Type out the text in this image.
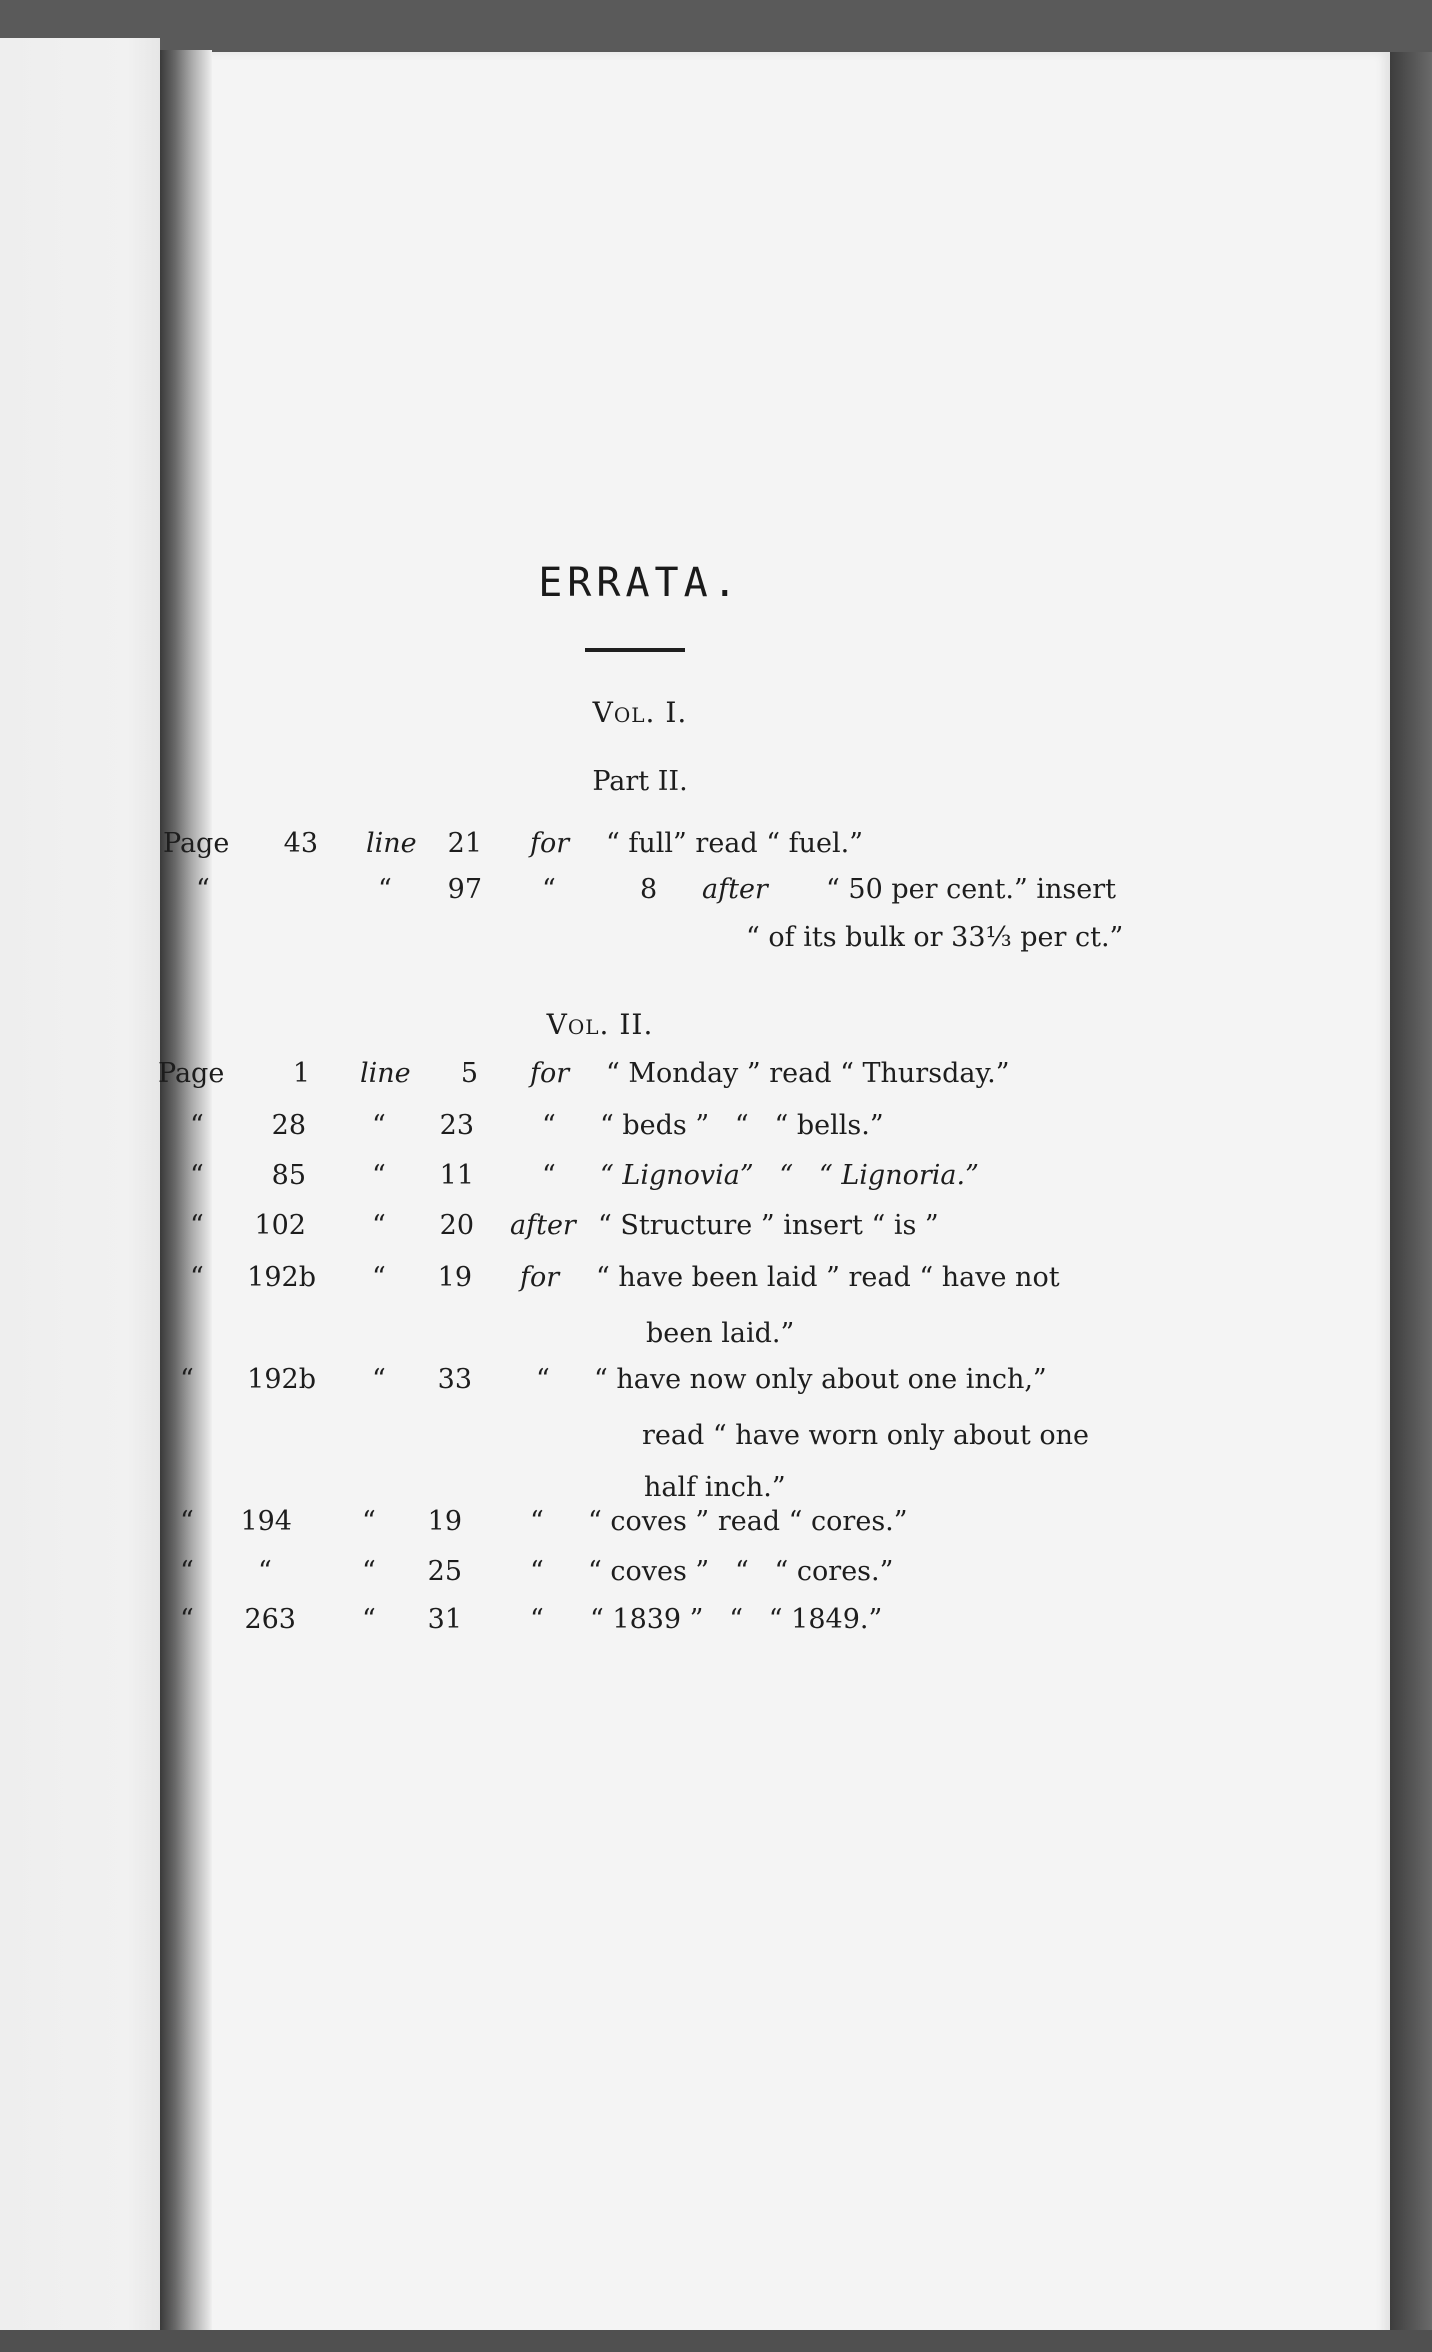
ERRATA.
Vol. I.
Part II.
Page	43 line	21 for “ full” read “ fuel.”
“	“	97 “	8 after “ 50 per cent.” insert
“ of its bulk or 33⅓ per ct.”
Vol. II.
Page	1 line	5 for “ Monday ” read “ Thursday.”
“	28 “	23	“ “ beds ”   “   “ bells.”
“	85 “	11	“ “ Lignovia”   “   “ Lignoria.”
“	102 “	20 after “ Structure ” insert “ is ”
“ 192b “	19 for “ have been laid ” read “ have not
been laid.”
“ 192b “	33 “ “ have now only about one inch,”
read “ have worn only about one
half inch.”
“ 194	“	19	“ “ coves ” read “ cores.”
“ “	“	25	“ “ coves ”   “   “ cores.”
“	263 “	31	“ “ 1839 ”   “   “ 1849.”
